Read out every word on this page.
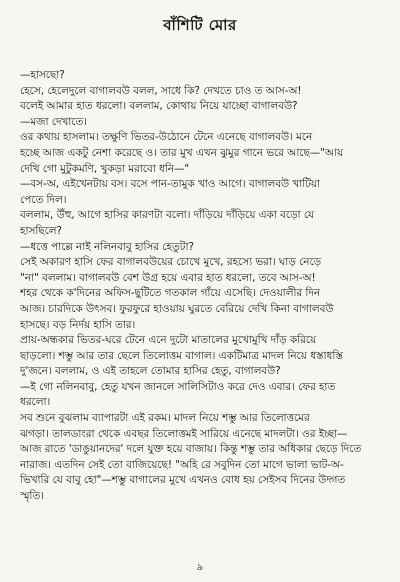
বাঁশিটি মোর
—হাসছো?
হেসে, হেলেদুলে বাগালবউ বলল, সাধে কি? দেখতে চাও ত আস-অ!
বলেই আমার হাত ধরলো। বললাম, কোথায় নিয়ে যাচ্ছো বাগালবউ?
—মজা দেখাতে।
ওর কথায় হাসলাম। তক্ষুণি ভিতর-উঠোনে টেনে এনেছে বাগালবউ। মনে
হচ্ছে আজ একটু নেশা করেছে ও। তার মুখ এখন ঝুমুর গানে ভরে আছে—"আয়
দেখি গো মুটুকমণি, খুকড়া মরাবো ধনি—"
—বস-অ, এইখেনটায় বস। বসে পান-তামুক খাও আগে। বাগালবউ খাটিয়া
পেতে দিল।
বললাম, উঁহু, আগে হাসির কারণটা বলো। দাঁড়িয়ে দাঁড়িয়ে একা বড়ো যে
হাসছিলে?
—ধত্তে পাল্লে নাই নলিনবাবু হাসির হেতুটা?
সেই অকারণ হাসি ফের বাগালবউয়ের চোখে মুখে, রহস্যে ভরা। ঘাড় নেড়ে
"না" বললাম। বাগালবউ বেশ উগ্র হয়ে এবার হাত ধরলো, তবে আস-অ!
শহর থেকে ক'দিনের অফিস-ছুটিতে গতকাল গাঁয়ে এসেছি। দেওয়ালীর দিন
আজ। চারদিকে উৎসব। ফুরফুরে হাওয়ায় ঘুরতে বেরিয়ে দেখি কিনা বাগালবউ
হাসছে। বড় নির্দয় হাসি তার।
প্রায়-অন্ধকার ভিতর-ঘরে টেনে এনে দুটো মাতালের মুখোমুখি দাঁড় করিয়ে
ছাড়লো। শম্ভু আর তার ছেলে তিলোত্তম বাগাল। একটিমাত্র মাদল নিয়ে ধস্তাধস্তি
দু'জনে। বললাম, ও এই তাহলে তোমার হাসির হেতু, বাগালবউ?
—ই গো নলিনবাবু, হেতু যখন জানলে সালিসিটাও করে দেও এবার। ফের হাত
ধরলো।
সব শুনে বুঝলাম ব্যাপারটা এই রকম। মাদল নিয়ে শম্ভু আর তিলোত্তমের
ঝগড়া। তালডাংরা থেকে এবছর তিলোত্তমই সারিয়ে এনেছে মাদলটা। ওর ইচ্ছা—
আজ রাতে 'ডাঙুয়ানদের' দলে যুক্ত হয়ে বাজায়। কিন্তু শম্ভু তার অধিকার ছেড়ে দিতে
নারাজ। এতদিন সেই তো বাজিয়েছে! "অহি রে সবুদিন তো মাগে ভালা ভাট-অ-
ভিখারি যে বাবু হো"—শম্ভু বাগালের মুখে এখনও বোধ হয় সেইসব দিনের উদ্গত
স্মৃতি।
৯
